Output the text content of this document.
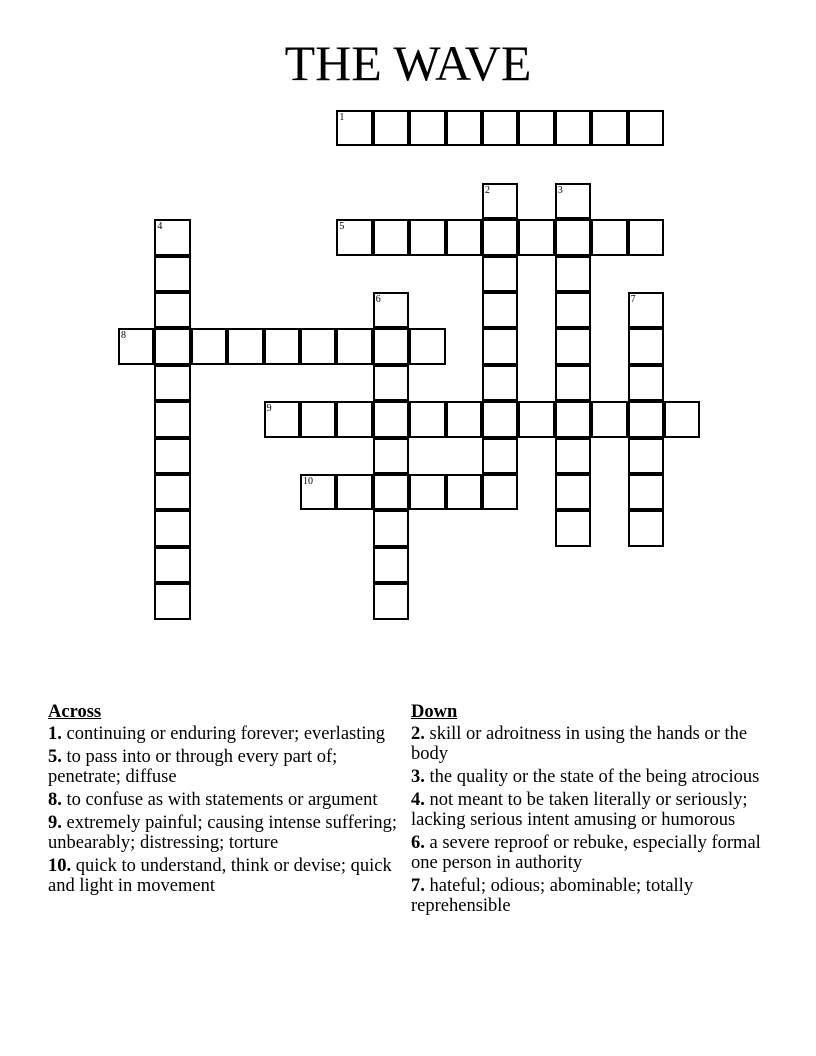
THE WAVE
1
2	3
4	5
6	7
8
9
10
Across
1. continuing or enduring forever; everlasting
5. to pass into or through every part of; penetrate; diffuse
8. to confuse as with statements or argument
9. extremely painful; causing intense suffering; unbearably; distressing; torture
10. quick to understand, think or devise; quick and light in movement
Down
2. skill or adroitness in using the hands or the body
3. the quality or the state of the being atrocious
4. not meant to be taken literally or seriously; lacking serious intent amusing or humorous
6. a severe reproof or rebuke, especially formal one person in authority
7. hateful; odious; abominable; totally reprehensible
